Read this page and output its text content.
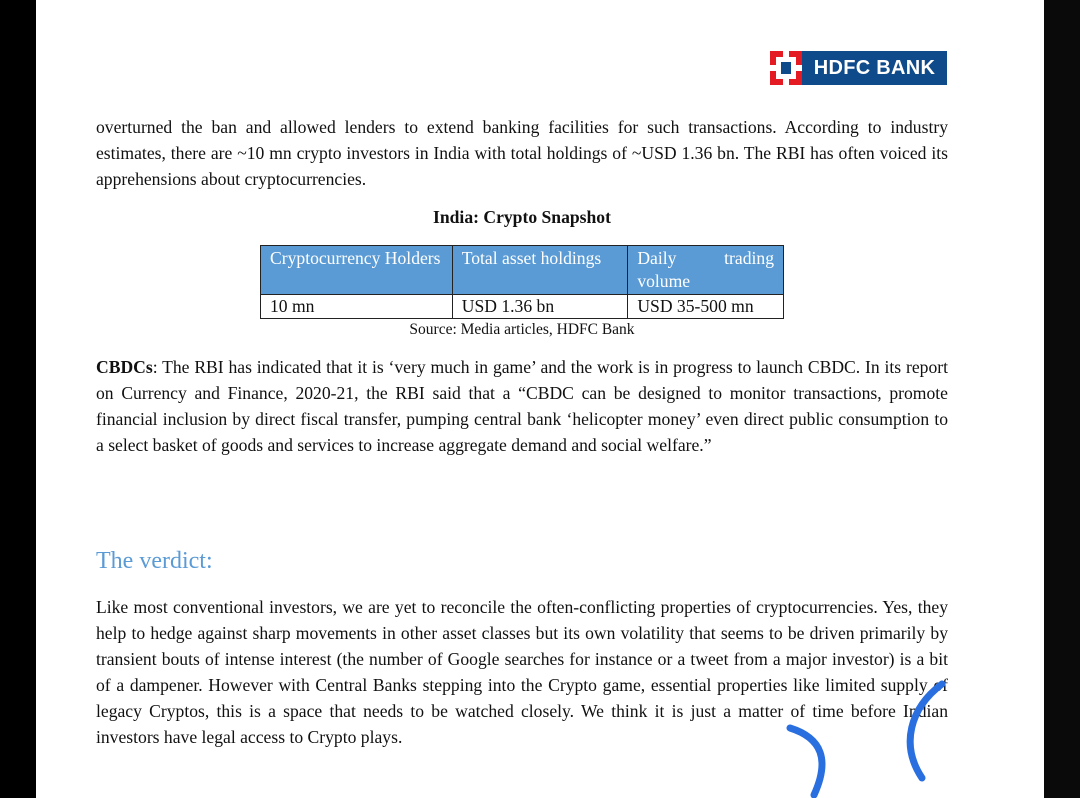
HDFC BANK

overturned the ban and allowed lenders to extend banking facilities for such transactions. According to industry estimates, there are ~10 mn crypto investors in India with total holdings of ~USD 1.36 bn. The RBI has often voiced its apprehensions about cryptocurrencies.

India: Crypto Snapshot
Cryptocurrency Holders	Total asset holdings	Daily trading volume
10 mn	USD 1.36 bn	USD 35-500 mn
Source: Media articles, HDFC Bank

CBDCs: The RBI has indicated that it is ‘very much in game’ and the work is in progress to launch CBDC. In its report on Currency and Finance, 2020-21, the RBI said that a “CBDC can be designed to monitor transactions, promote financial inclusion by direct fiscal transfer, pumping central bank ‘helicopter money’ even direct public consumption to a select basket of goods and services to increase aggregate demand and social welfare.”

The verdict:

Like most conventional investors, we are yet to reconcile the often-conflicting properties of cryptocurrencies. Yes, they help to hedge against sharp movements in other asset classes but its own volatility that seems to be driven primarily by transient bouts of intense interest (the number of Google searches for instance or a tweet from a major investor) is a bit of a dampener. However with Central Banks stepping into the Crypto game, essential properties like limited supply of legacy Cryptos, this is a space that needs to be watched closely. We think it is just a matter of time before Indian investors have legal access to Crypto plays.
